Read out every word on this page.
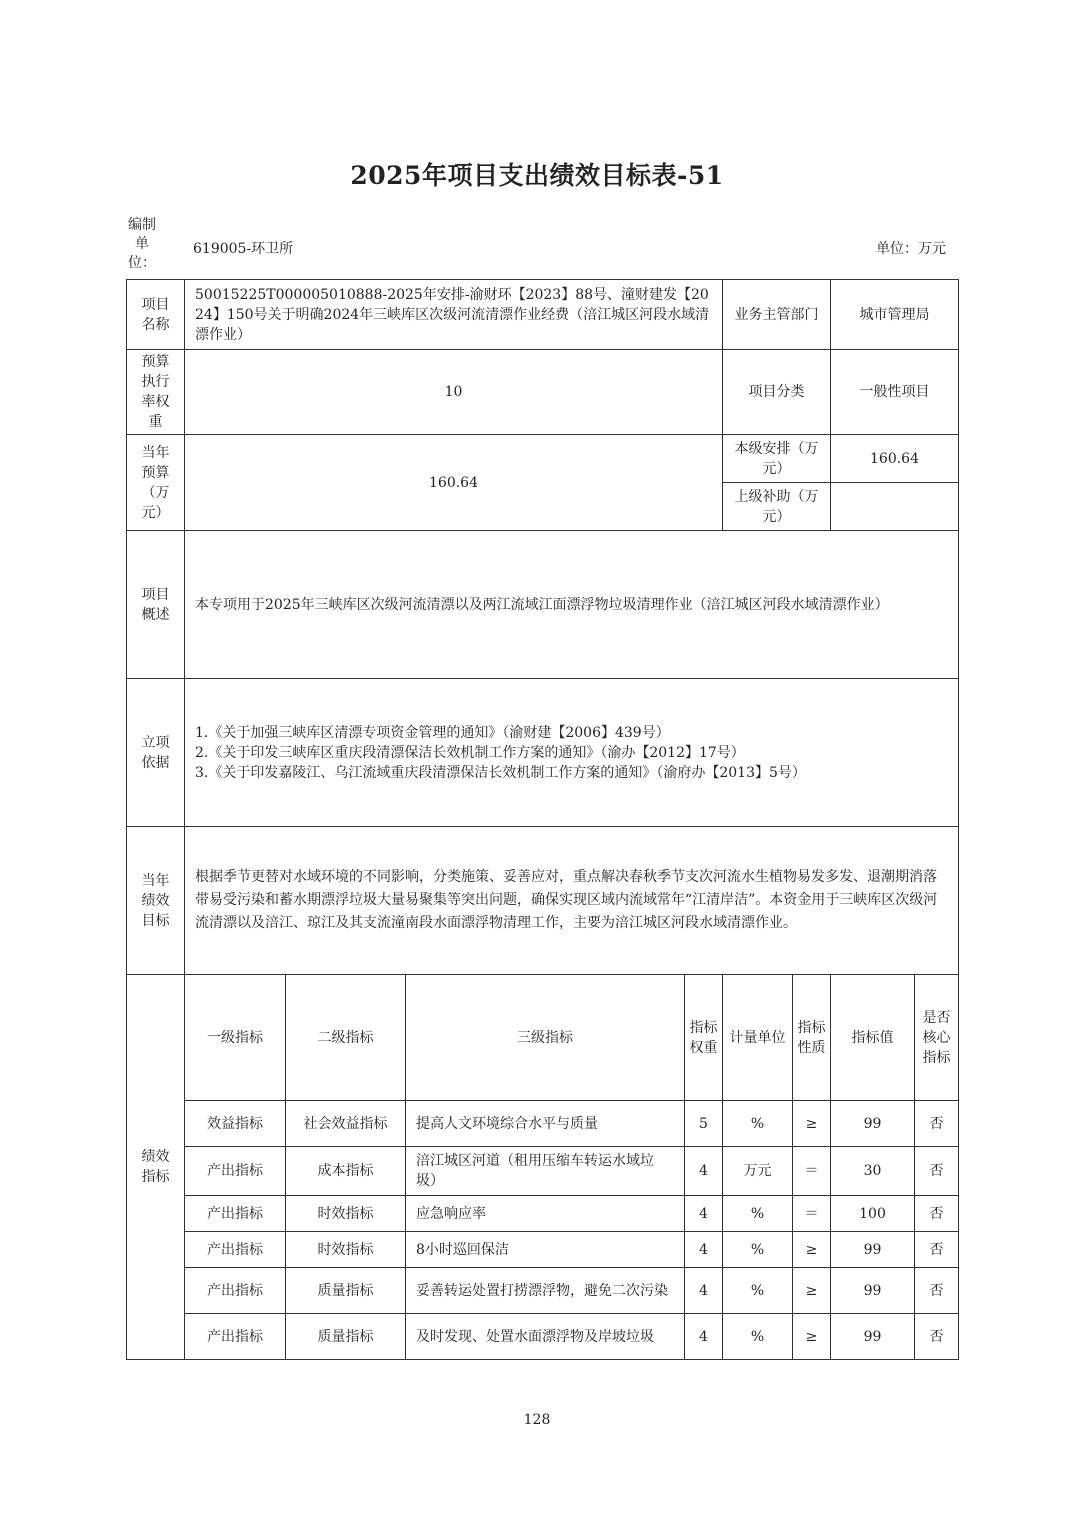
2025年项目支出绩效目标表-51
编制单位：
619005-环卫所	单位：万元
项目名称	50015225T000005010888-2025年安排-渝财环【2023】88号、潼财建发【2024】150号关于明确2024年三峡库区次级河流清漂作业经费（涪江城区河段水域清漂作业）				业务主管部门		城市管理局	
预算执行率权重	10				项目分类		一般性项目	
当年预算（万元）	160.64				本级安排（万元）		160.64	
					上级补助（万元）			
项目概述	本专项用于2025年三峡库区次级河流清漂以及两江流域江面漂浮物垃圾清理作业（涪江城区河段水域清漂作业）							
立项依据	1.《关于加强三峡库区清漂专项资金管理的通知》（渝财建【2006】439号）
2.《关于印发三峡库区重庆段清漂保洁长效机制工作方案的通知》（渝办【2012】17号）
3.《关于印发嘉陵江、乌江流域重庆段清漂保洁长效机制工作方案的通知》（渝府办【2013】5号）							

当年绩效目标	根据季节更替对水域环境的不同影响，分类施策、妥善应对，重点解决春秋季节支次河流水生植物易发多发、退潮期消落带易受污染和蓄水期漂浮垃圾大量易聚集等突出问题，确保实现区域内流域常年“江清岸洁”。本资金用于三峡库区次级河流清漂以及涪江、琼江及其支流潼南段水面漂浮物清理工作，主要为涪江城区河段水域清漂作业。							
绩效指标	一级指标	二级指标	三级指标	指标权重	计量单位	指标性质	指标值	是否核心指标
	效益指标	社会效益指标	提高人文环境综合水平与质量	5	%	≥	99	否
	产出指标	成本指标	涪江城区河道（租用压缩车转运水域垃圾）	4	万元	＝	30	否
	产出指标	时效指标	应急响应率	4	%	＝	100	否
	产出指标	时效指标	8小时巡回保洁	4	%	≥	99	否
	产出指标	质量指标	妥善转运处置打捞漂浮物，避免二次污染	4	%	≥	99	否
	产出指标	质量指标	及时发现、处置水面漂浮物及岸坡垃圾	4	%	≥	99	否
128
